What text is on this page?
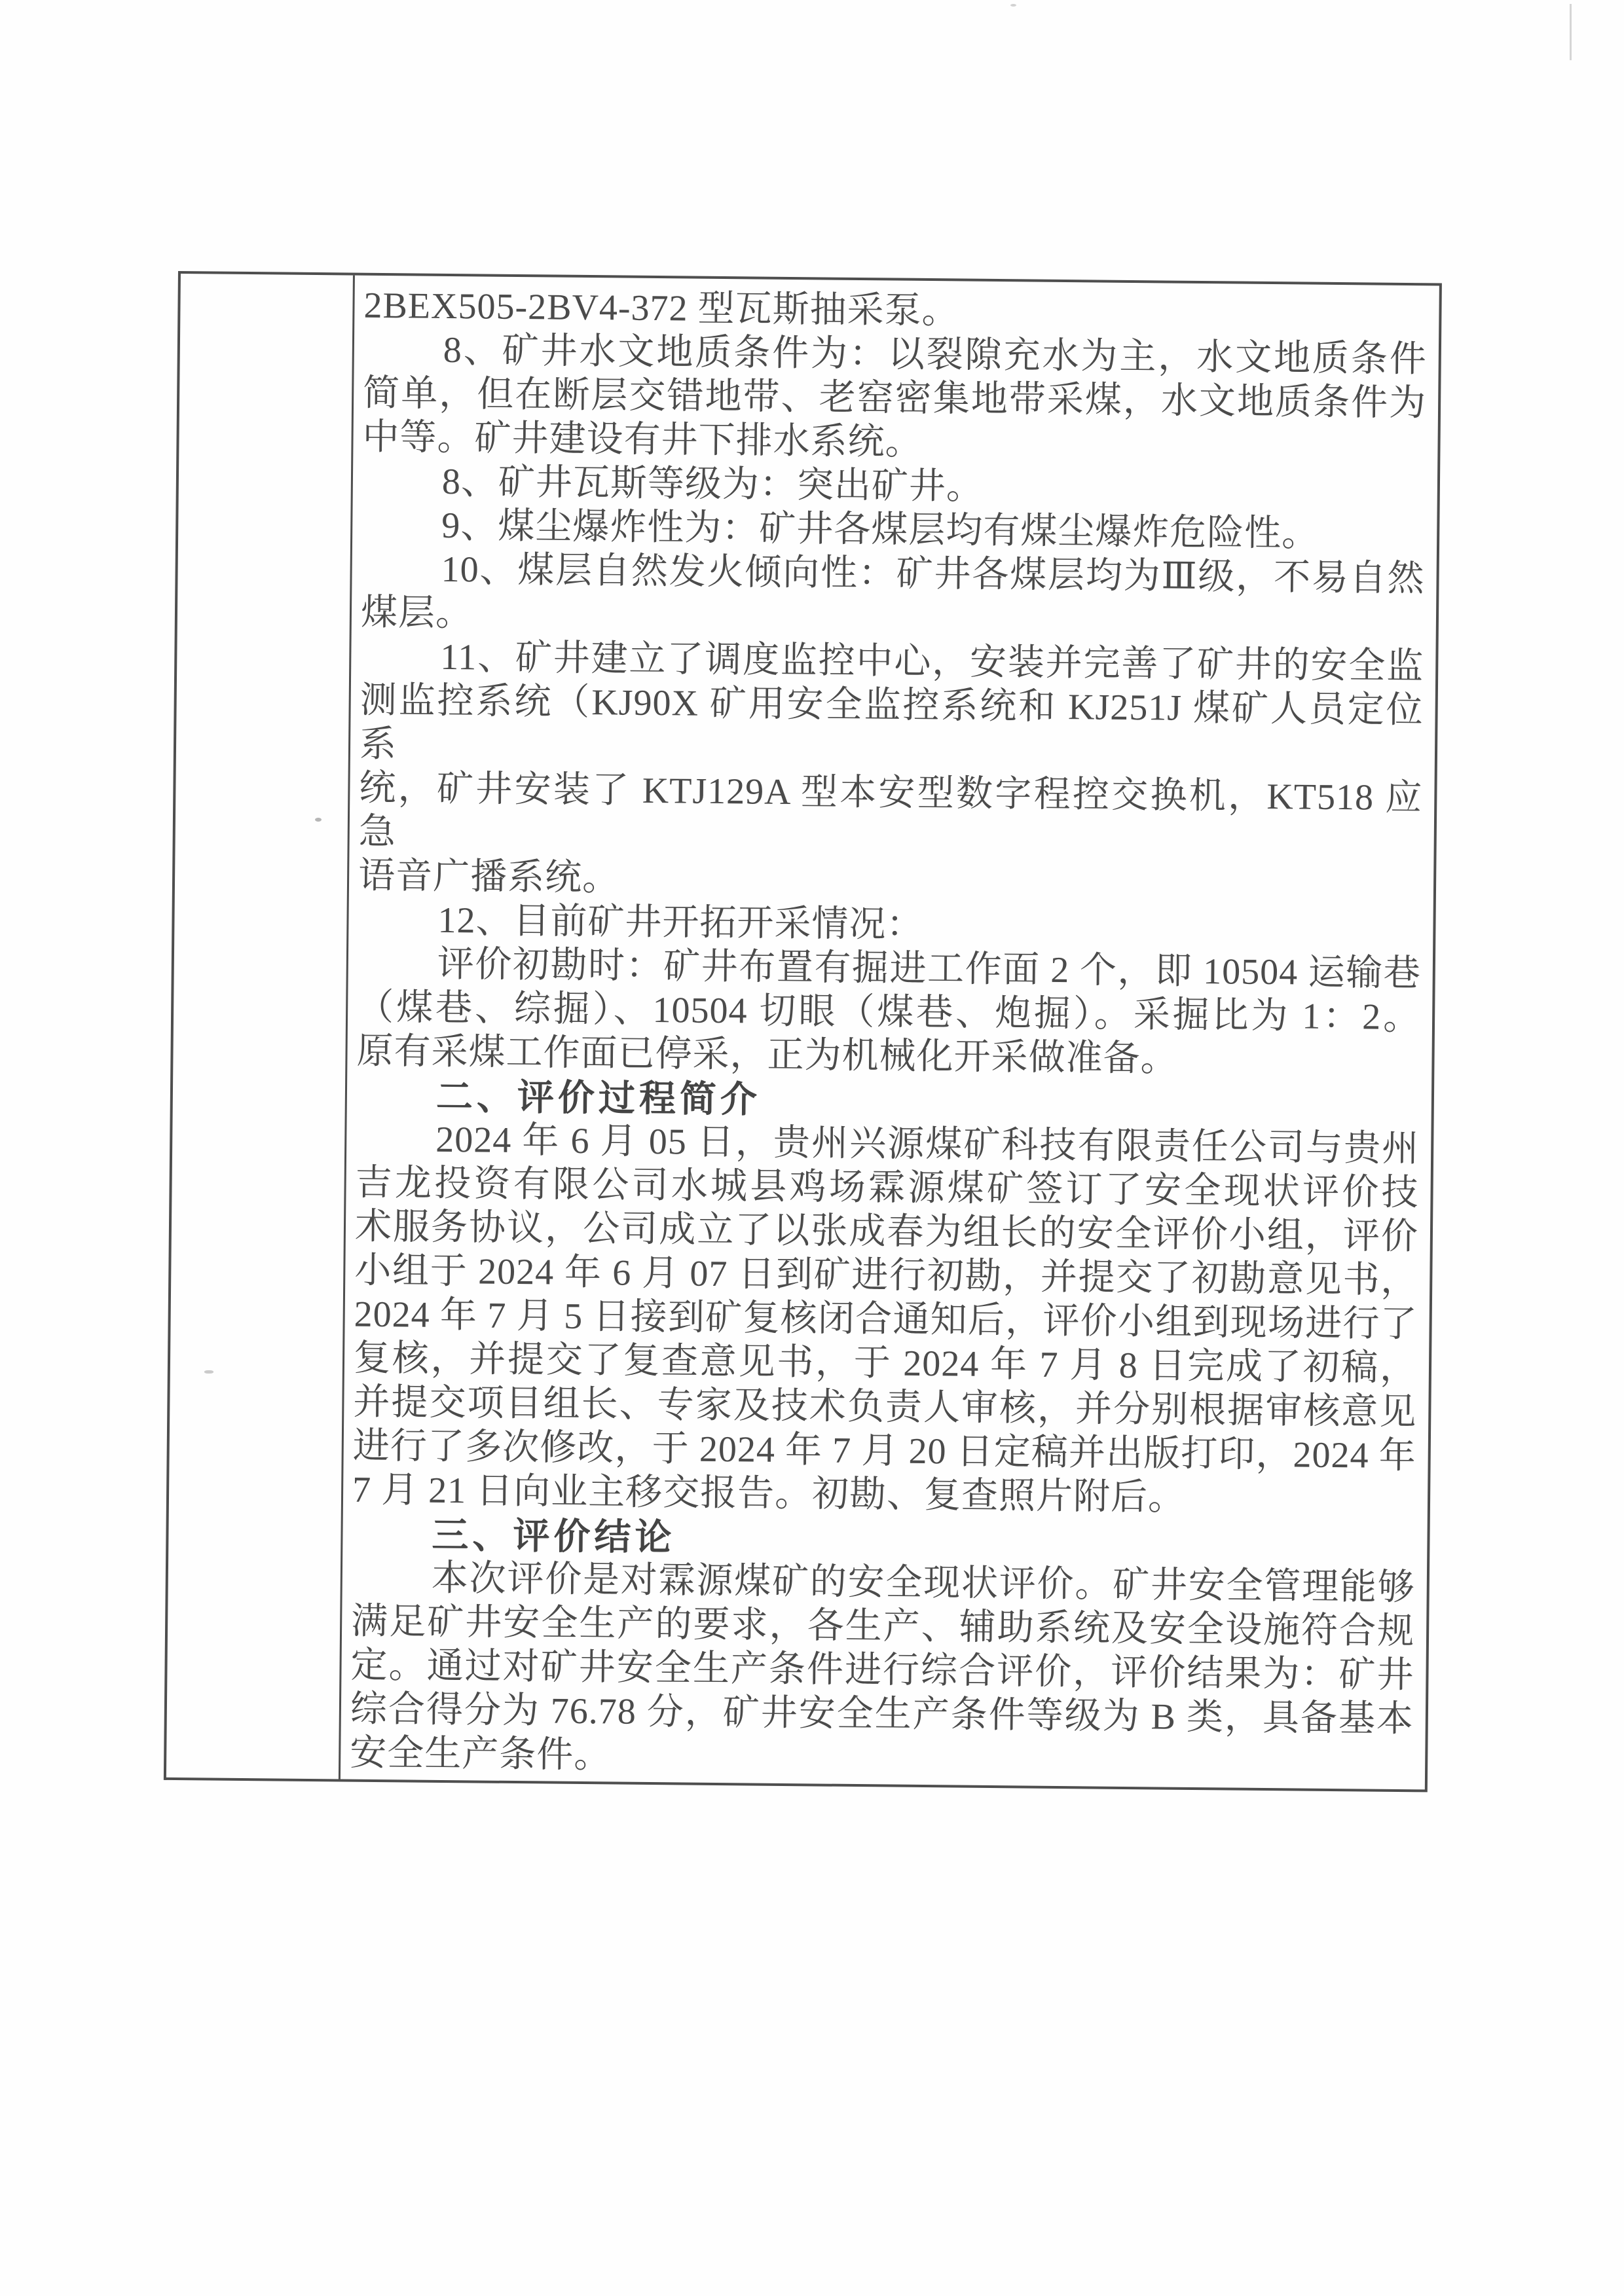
2BEX505-2BV4-372 型瓦斯抽采泵。
8、矿井水文地质条件为：以裂隙充水为主，水文地质条件
简单，但在断层交错地带、老窑密集地带采煤，水文地质条件为
中等。矿井建设有井下排水系统。
8、矿井瓦斯等级为：突出矿井。
9、煤尘爆炸性为：矿井各煤层均有煤尘爆炸危险性。
10、煤层自然发火倾向性：矿井各煤层均为Ⅲ级，不易自然
煤层。
11、矿井建立了调度监控中心，安装并完善了矿井的安全监
测监控系统（KJ90X 矿用安全监控系统和 KJ251J 煤矿人员定位系
统，矿井安装了 KTJ129A 型本安型数字程控交换机，KT518 应急
语音广播系统。
12、目前矿井开拓开采情况：
评价初勘时：矿井布置有掘进工作面 2 个，即 10504 运输巷
（煤巷、综掘）、10504 切眼（煤巷、炮掘）。采掘比为 1：2。
原有采煤工作面已停采，正为机械化开采做准备。
二、评价过程简介
2024 年 6 月 05 日，贵州兴源煤矿科技有限责任公司与贵州
吉龙投资有限公司水城县鸡场霖源煤矿签订了安全现状评价技
术服务协议，公司成立了以张成春为组长的安全评价小组，评价
小组于 2024 年 6 月 07 日到矿进行初勘，并提交了初勘意见书，
2024 年 7 月 5 日接到矿复核闭合通知后，评价小组到现场进行了
复核，并提交了复查意见书，于 2024 年 7 月 8 日完成了初稿，
并提交项目组长、专家及技术负责人审核，并分别根据审核意见
进行了多次修改，于 2024 年 7 月 20 日定稿并出版打印，2024 年
7 月 21 日向业主移交报告。初勘、复查照片附后。
三、评价结论
本次评价是对霖源煤矿的安全现状评价。矿井安全管理能够
满足矿井安全生产的要求，各生产、辅助系统及安全设施符合规
定。通过对矿井安全生产条件进行综合评价，评价结果为：矿井
综合得分为 76.78 分，矿井安全生产条件等级为 B 类，具备基本
安全生产条件。
